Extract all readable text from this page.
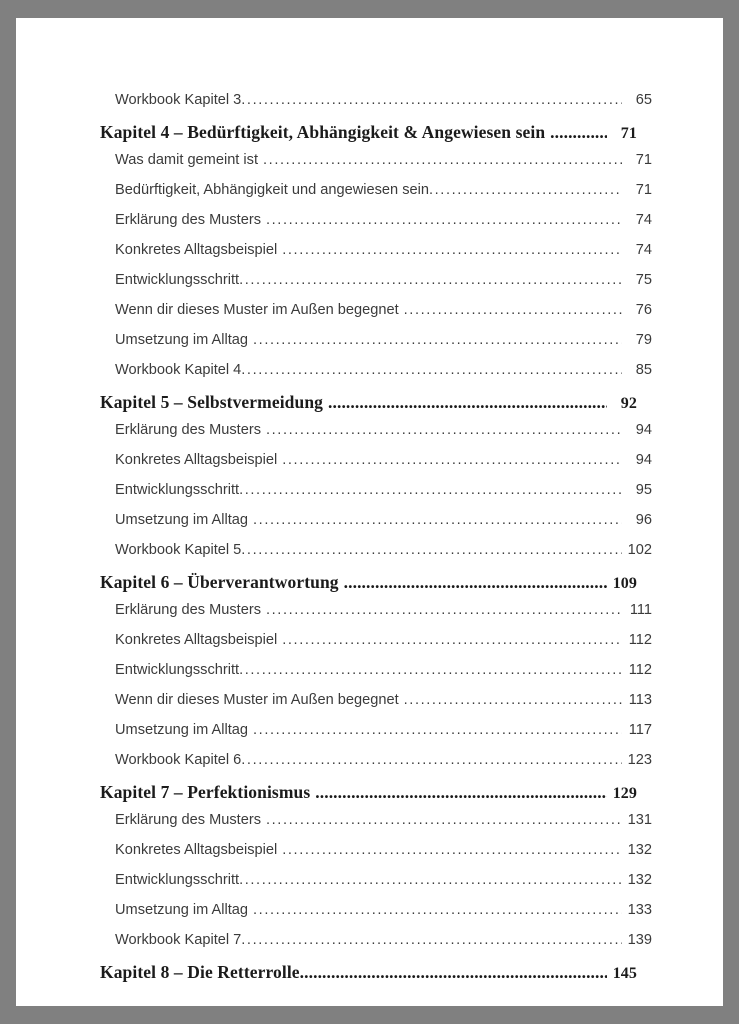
Workbook Kapitel 3 .....	65
Kapitel 4 – Bedürftigkeit, Abhängigkeit & Angewiesen sein .....	71
Was damit gemeint ist .....	71
Bedürftigkeit, Abhängigkeit und angewiesen sein .....	71
Erklärung des Musters .....	74
Konkretes Alltagsbeispiel .....	74
Entwicklungsschritt .....	75
Wenn dir dieses Muster im Außen begegnet .....	76
Umsetzung im Alltag .....	79
Workbook Kapitel 4 .....	85
Kapitel 5 – Selbstvermeidung .....	92
Erklärung des Musters .....	94
Konkretes Alltagsbeispiel .....	94
Entwicklungsschritt .....	95
Umsetzung im Alltag .....	96
Workbook Kapitel 5 .....	102
Kapitel 6 – Überverantwortung .....	109
Erklärung des Musters .....	111
Konkretes Alltagsbeispiel .....	112
Entwicklungsschritt .....	112
Wenn dir dieses Muster im Außen begegnet .....	113
Umsetzung im Alltag .....	117
Workbook Kapitel 6 .....	123
Kapitel 7 – Perfektionismus .....	129
Erklärung des Musters .....	131
Konkretes Alltagsbeispiel .....	132
Entwicklungsschritt .....	132
Umsetzung im Alltag .....	133
Workbook Kapitel 7 .....	139
Kapitel 8 – Die Retterrolle .....	145
